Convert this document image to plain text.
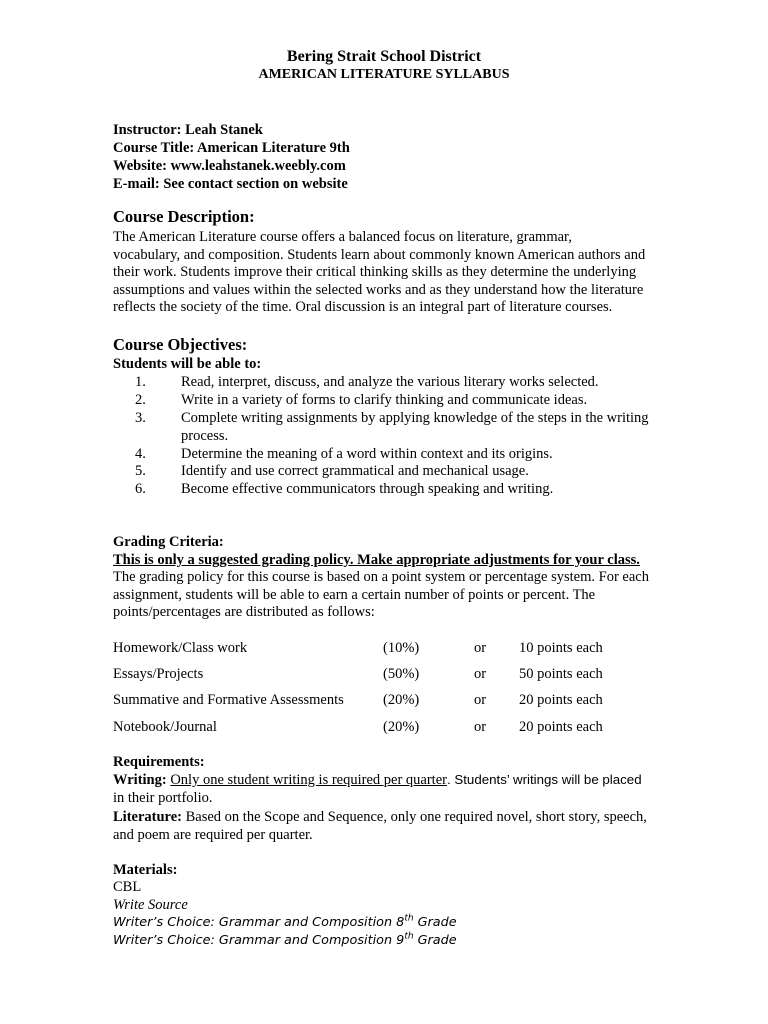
Bering Strait School District
AMERICAN LITERATURE SYLLABUS
Instructor: Leah Stanek
Course Title: American Literature 9th
Website: www.leahstanek.weebly.com
E-mail: See contact section on website
Course Description:
The American Literature course offers a balanced focus on literature, grammar,
vocabulary, and composition. Students learn about commonly known American authors and
their work. Students improve their critical thinking skills as they determine the underlying
assumptions and values within the selected works and as they understand how the literature
reflects the society of the time. Oral discussion is an integral part of literature courses.
Course Objectives:
Students will be able to:
1. Read, interpret, discuss, and analyze the various literary works selected.
2. Write in a variety of forms to clarify thinking and communicate ideas.
3. Complete writing assignments by applying knowledge of the steps in the writing
process.
4. Determine the meaning of a word within context and its origins.
5. Identify and use correct grammatical and mechanical usage.
6. Become effective communicators through speaking and writing.
Grading Criteria:
This is only a suggested grading policy. Make appropriate adjustments for your class.
The grading policy for this course is based on a point system or percentage system. For each
assignment, students will be able to earn a certain number of points or percent. The
points/percentages are distributed as follows:
Homework/Class work	(10%)	or 10 points each
Essays/Projects	(50%)	or 50 points each
Summative and Formative Assessments	(20%)	or 20 points each
Notebook/Journal	(20%)	or 20 points each
Requirements:
Writing: Only one student writing is required per quarter. Students’ writings will be placed
in their portfolio.
Literature: Based on the Scope and Sequence, only one required novel, short story, speech,
and poem are required per quarter.
Materials:
CBL
Write Source
Writer’s Choice: Grammar and Composition 8th Grade
Writer’s Choice: Grammar and Composition 9th Grade
